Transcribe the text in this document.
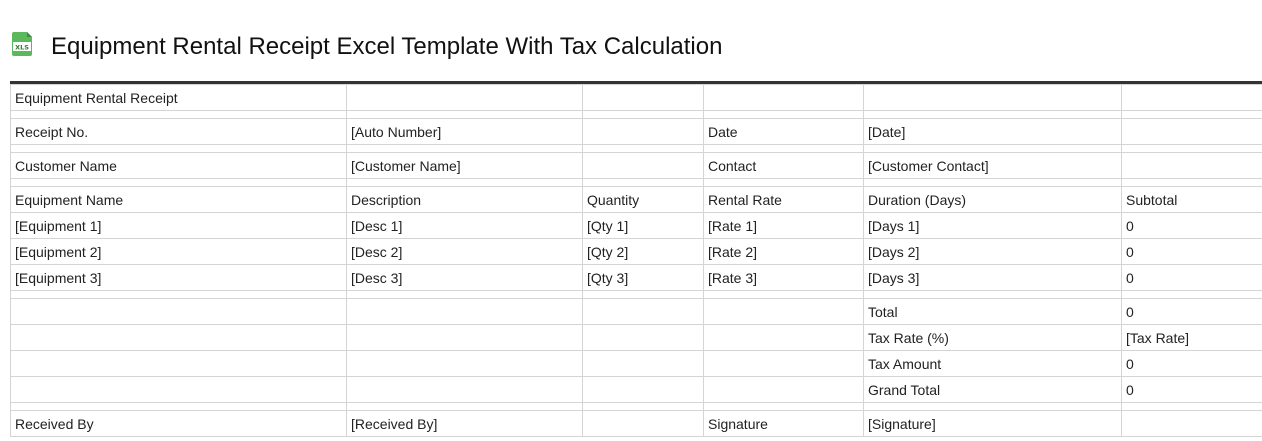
XLS Equipment Rental Receipt Excel Template With Tax Calculation
Equipment Rental Receipt					

Receipt No.	[Auto Number]		Date	[Date]	

Customer Name	[Customer Name]		Contact	[Customer Contact]	

Equipment Name	Description	Quantity	Rental Rate	Duration (Days)	Subtotal
[Equipment 1]	[Desc 1]	[Qty 1]	[Rate 1]	[Days 1]	0
[Equipment 2]	[Desc 2]	[Qty 2]	[Rate 2]	[Days 2]	0
[Equipment 3]	[Desc 3]	[Qty 3]	[Rate 3]	[Days 3]	0

				Total	0
				Tax Rate (%)	[Tax Rate]
				Tax Amount	0
				Grand Total	0

Received By	[Received By]		Signature	[Signature]	
